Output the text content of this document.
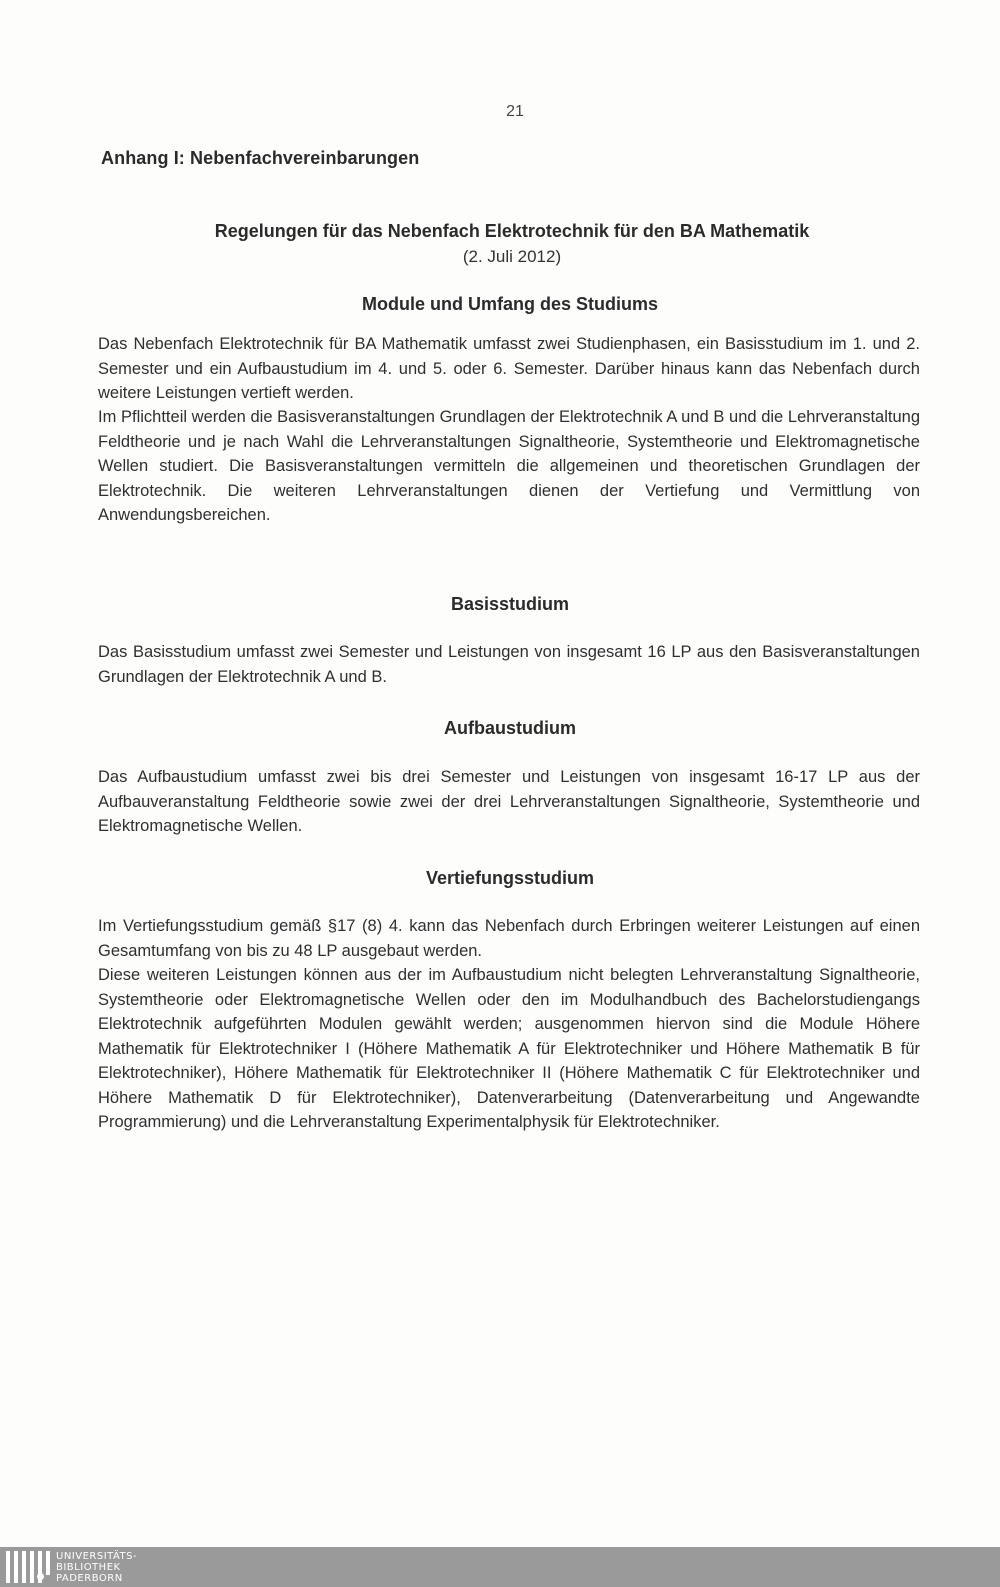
21
Anhang I: Nebenfachvereinbarungen
Regelungen für das Nebenfach Elektrotechnik für den BA Mathematik
(2. Juli 2012)
Module und Umfang des Studiums

Das Nebenfach Elektrotechnik für BA Mathematik umfasst zwei Studienphasen, ein Basisstudium im 1. und 2. Semester und ein Aufbaustudium im 4. und 5. oder 6. Semester. Darüber hinaus kann das Nebenfach durch weitere Leistungen vertieft werden.

Im Pflichtteil werden die Basisveranstaltungen Grundlagen der Elektrotechnik A und B und die Lehrveranstaltung Feldtheorie und je nach Wahl die Lehrveranstaltungen Signaltheorie, Systemtheorie und Elektromagnetische Wellen studiert. Die Basisveranstaltungen vermitteln die allgemeinen und theoretischen Grundlagen der Elektrotechnik. Die weiteren Lehrveranstaltungen dienen der Vertiefung und Vermittlung von Anwendungsbereichen.

Basisstudium

Das Basisstudium umfasst zwei Semester und Leistungen von insgesamt 16 LP aus den Basisveranstaltungen Grundlagen der Elektrotechnik A und B.

Aufbaustudium

Das Aufbaustudium umfasst zwei bis drei Semester und Leistungen von insgesamt 16-17 LP aus der Aufbauveranstaltung Feldtheorie sowie zwei der drei Lehrveranstaltungen Signaltheorie, Systemtheorie und Elektromagnetische Wellen.

Vertiefungsstudium

Im Vertiefungsstudium gemäß §17 (8) 4. kann das Nebenfach durch Erbringen weiterer Leistungen auf einen Gesamtumfang von bis zu 48 LP ausgebaut werden.

Diese weiteren Leistungen können aus der im Aufbaustudium nicht belegten Lehrveranstaltung Signaltheorie, Systemtheorie oder Elektromagnetische Wellen oder den im Modulhandbuch des Bachelorstudiengangs Elektrotechnik aufgeführten Modulen gewählt werden; ausgenommen hiervon sind die Module Höhere Mathematik für Elektrotechniker I (Höhere Mathematik A für Elektrotechniker und Höhere Mathematik B für Elektrotechniker), Höhere Mathematik für Elektrotechniker II (Höhere Mathematik C für Elektrotechniker und Höhere Mathematik D für Elektrotechniker), Datenverarbeitung (Datenverarbeitung und Angewandte Programmierung) und die Lehrveranstaltung Experimentalphysik für Elektrotechniker.

UNIVERSITÄTS-
BIBLIOTHEK
PADERBORN
